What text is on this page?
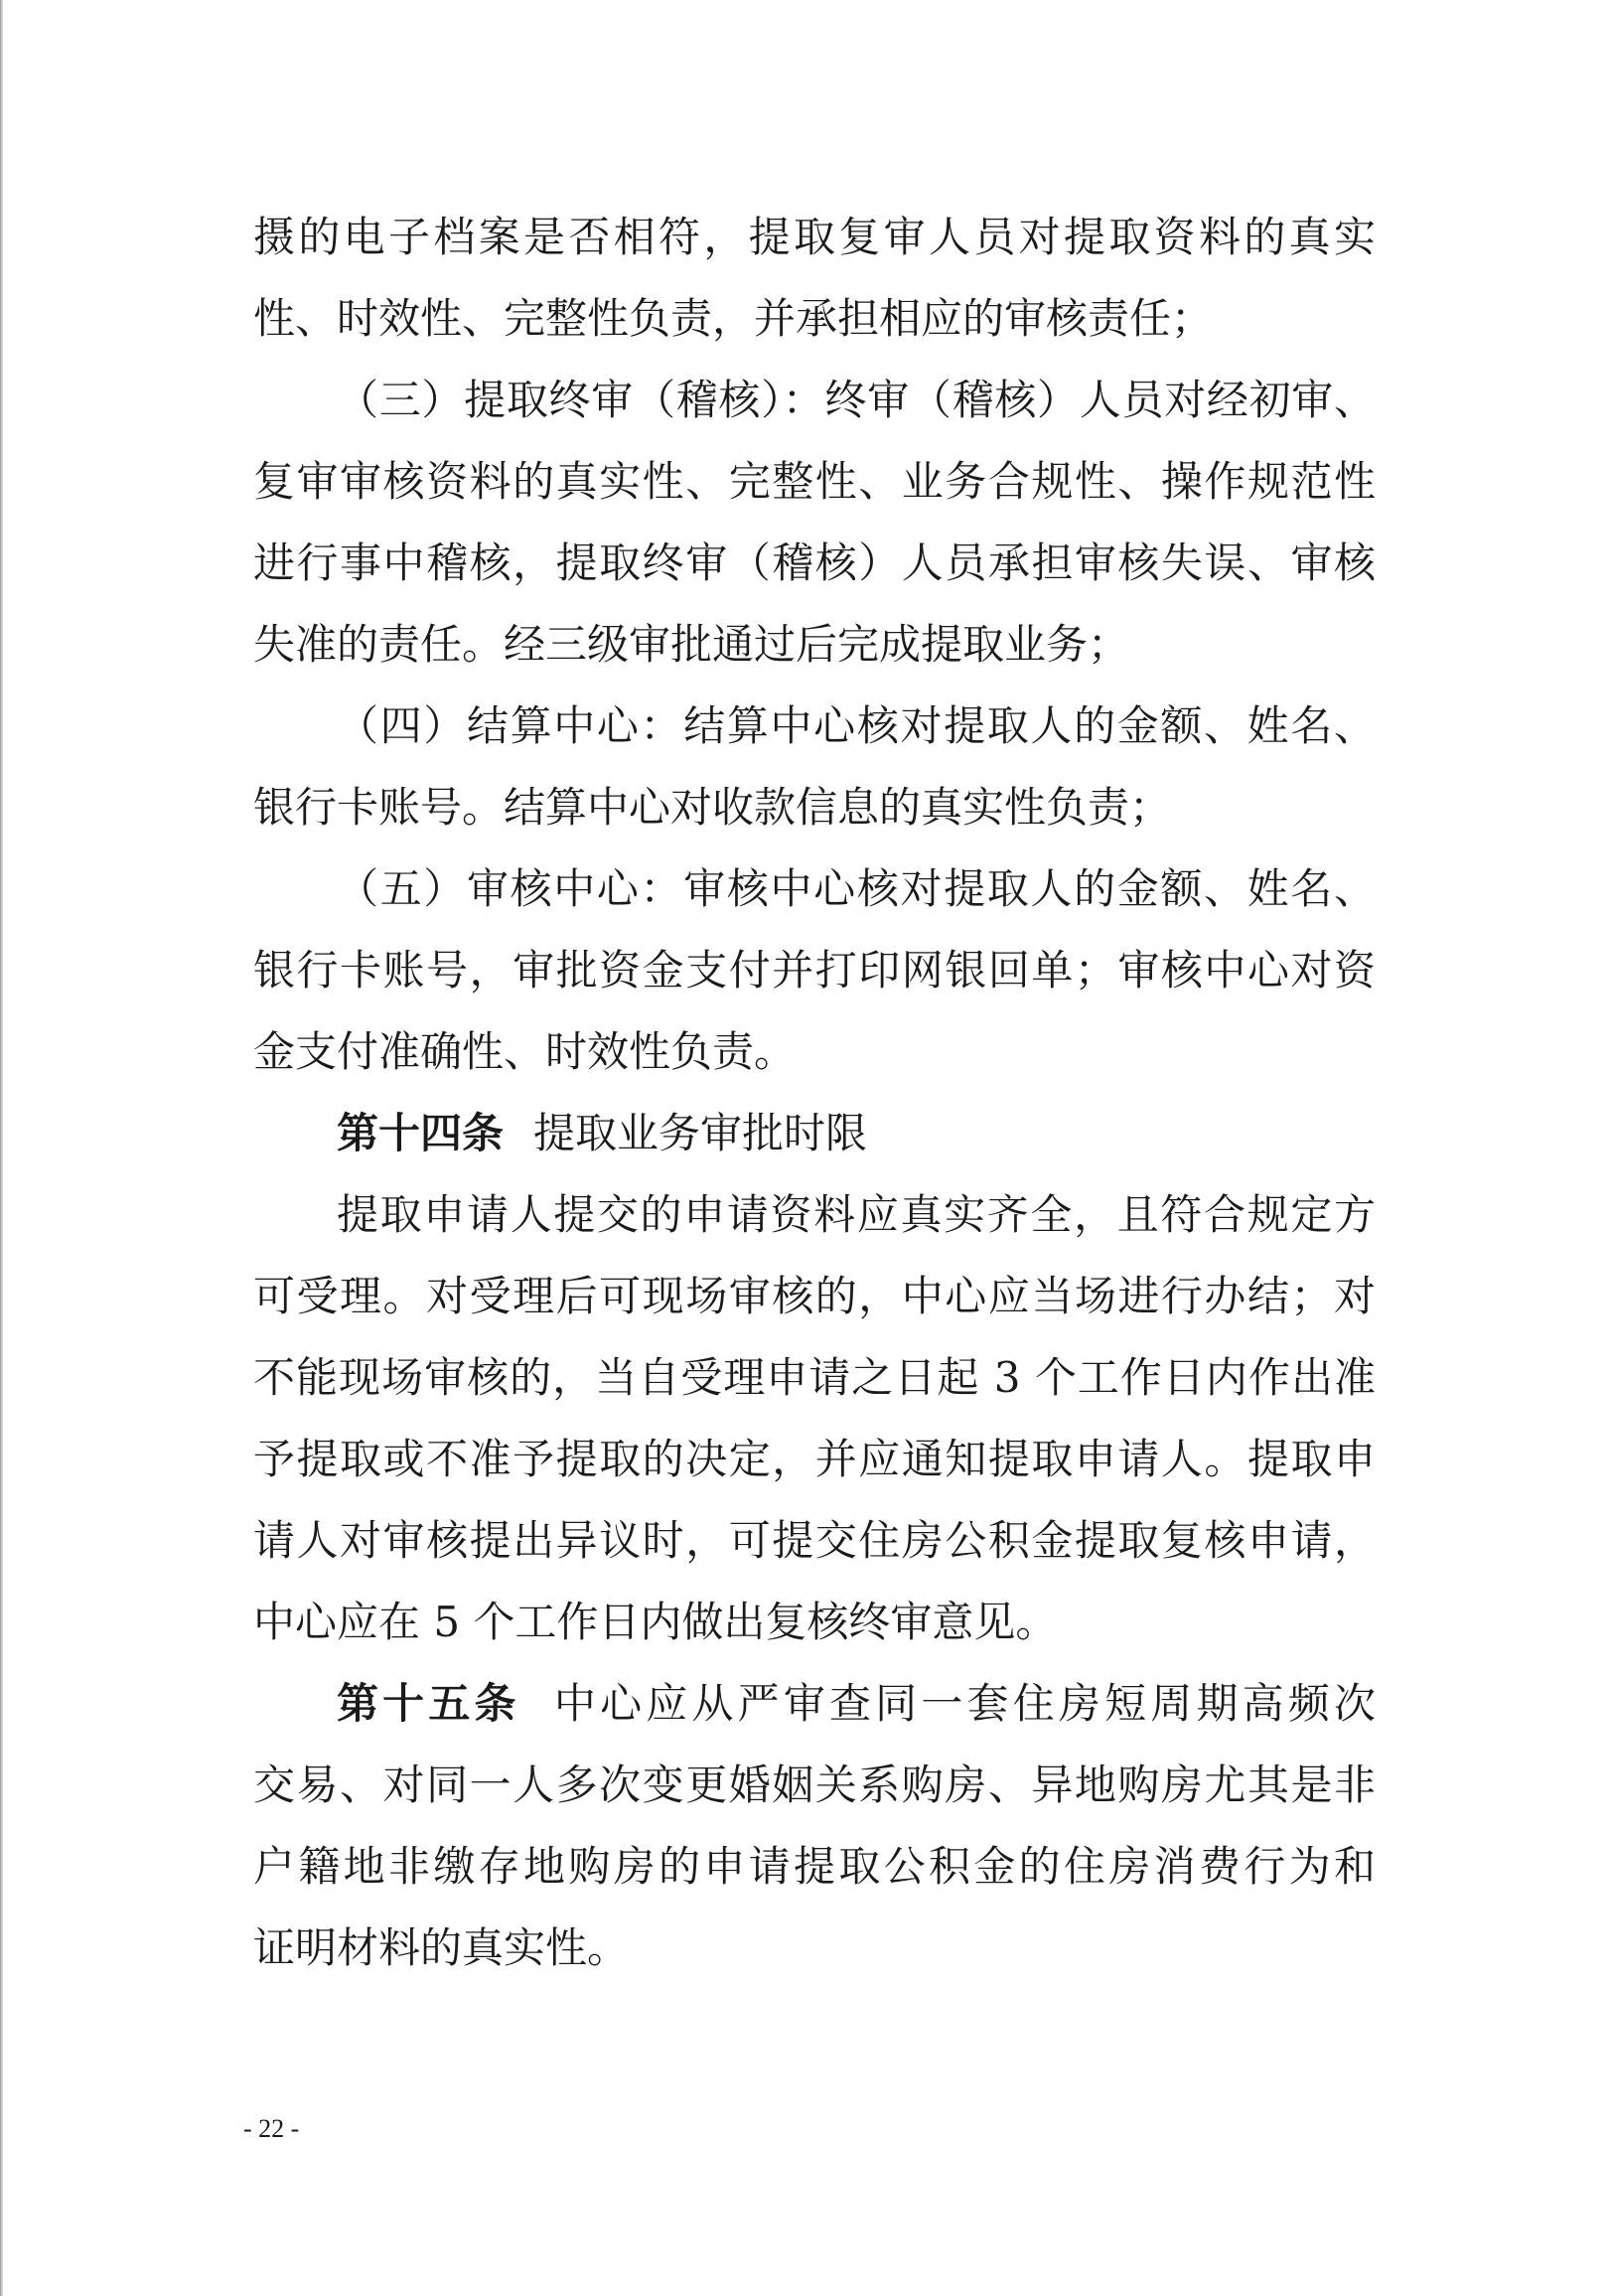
摄的电子档案是否相符，提取复审人员对提取资料的真实
性、时效性、完整性负责，并承担相应的审核责任；
（三）提取终审（稽核）：终审（稽核）人员对经初审、
复审审核资料的真实性、完整性、业务合规性、操作规范性
进行事中稽核，提取终审（稽核）人员承担审核失误、审核
失准的责任。经三级审批通过后完成提取业务；
（四）结算中心：结算中心核对提取人的金额、姓名、
银行卡账号。结算中心对收款信息的真实性负责；
（五）审核中心：审核中心核对提取人的金额、姓名、
银行卡账号，审批资金支付并打印网银回单；审核中心对资
金支付准确性、时效性负责。
第十四条 提取业务审批时限
提取申请人提交的申请资料应真实齐全，且符合规定方
可受理。对受理后可现场审核的，中心应当场进行办结；对
不能现场审核的，当自受理申请之日起 3 个工作日内作出准
予提取或不准予提取的决定，并应通知提取申请人。提取申
请人对审核提出异议时，可提交住房公积金提取复核申请，
中心应在 5 个工作日内做出复核终审意见。
第十五条 中心应从严审查同一套住房短周期高频次
交易、对同一人多次变更婚姻关系购房、异地购房尤其是非
户籍地非缴存地购房的申请提取公积金的住房消费行为和
证明材料的真实性。
- 22 -
